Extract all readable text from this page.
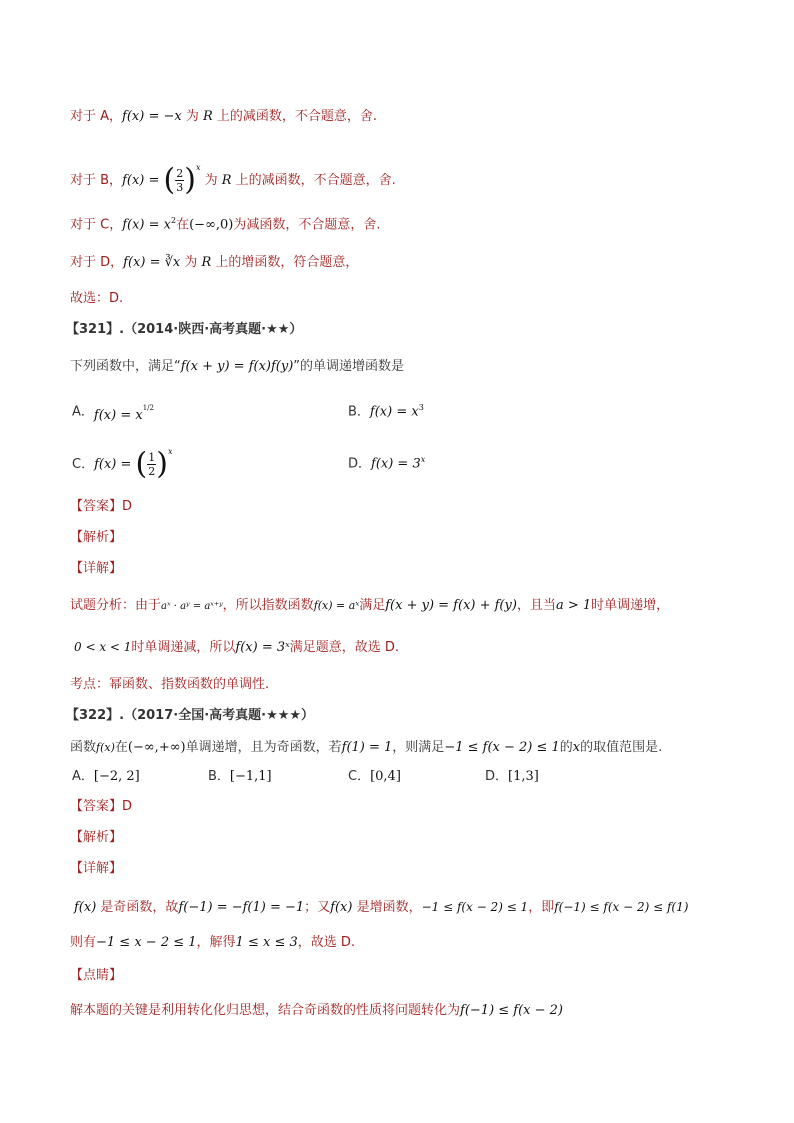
对于 A，f(x) = −x 为 R 上的减函数，不合题意，舍.
对于 B，f(x) = ( $\frac{2}{3} )^x$ 为 R 上的减函数，不合题意，舍.
对于 C，$f(x) = x^2$在(−∞,0)为减函数，不合题意，舍.
对于 D，f(x) = ∛x 为 R 上的增函数，符合题意，
故选：D.
【321】.（2014·陕西·高考真题·★★）
下列函数中，满足“f(x + y) = f(x)f(y)”的单调递增函数是
A．$f(x) = x^{1/2}$	B．$f(x) = x^3$
C．f(x) = ( $\frac{1}{2} )^x$
D．$f(x) = 3^x$
【答案】D
【解析】
【详解】
试题分析：由于aˣ · aʸ = aˣ⁺ʸ，所以指数函数f(x) = aˣ满足f(x + y) = f(x) + f(y)，且当a > 1时单调递增，
0 < x < 1时单调递减，所以f(x) = 3ˣ满足题意，故选 D.
考点：幂函数、指数函数的单调性.
【322】.（2017·全国·高考真题·★★★）
函数f(x)在(−∞,+∞)单调递增，且为奇函数，若f(1) = 1，则满足−1 ≤ f(x − 2) ≤ 1的x的取值范围是.
A．[−2, 2]	B．[−1,1]	C．[0,4]	D．[1,3]
【答案】D
【解析】
【详解】
f(x) 是奇函数，故f(−1) = −f(1) = −1；又f(x) 是增函数，−1 ≤ f(x − 2) ≤ 1，即f(−1) ≤ f(x − 2) ≤ f(1)
则有−1 ≤ x − 2 ≤ 1，解得1 ≤ x ≤ 3，故选 D.
【点睛】
解本题的关键是利用转化化归思想，结合奇函数的性质将问题转化为f(−1) ≤ f(x − 2)
